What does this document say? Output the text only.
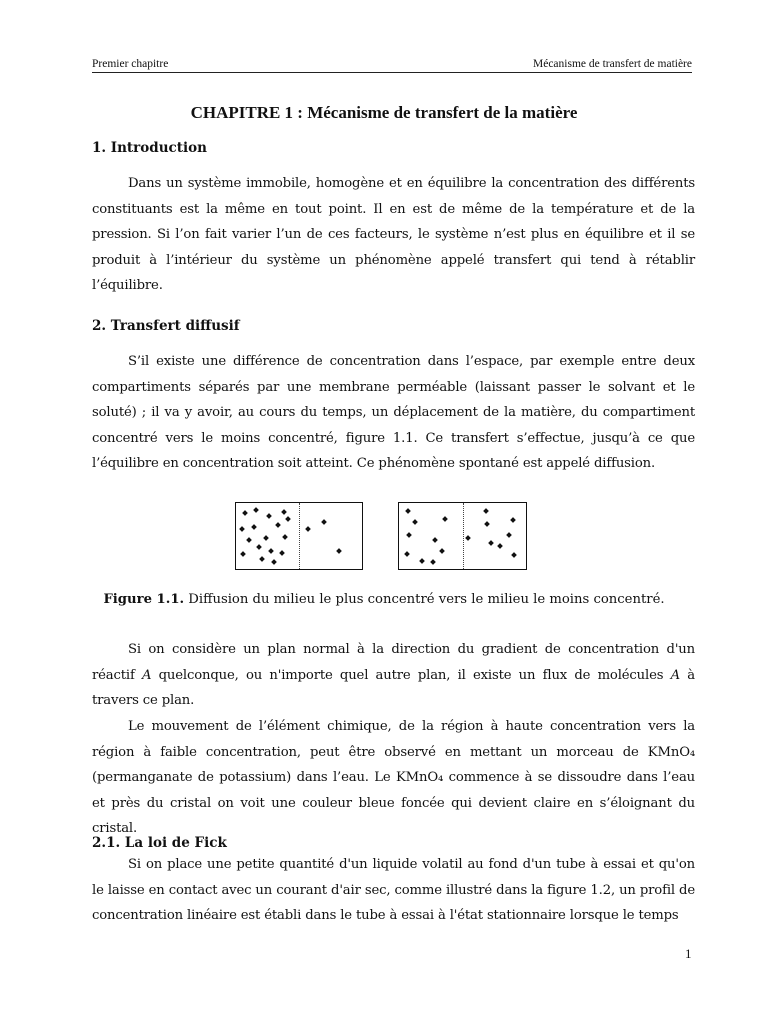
Premier chapitre	Mécanisme de transfert de matière
CHAPITRE 1 : Mécanisme de transfert de la matière
1. Introduction
Dans un système immobile, homogène et en équilibre la concentration des différents constituants est la même en tout point. Il en est de même de la température et de la pression. Si l’on fait varier l’un de ces facteurs, le système n’est plus en équilibre et il se produit à l’intérieur du système un phénomène appelé transfert qui tend à rétablir l’équilibre.
2. Transfert diffusif
S’il existe une différence de concentration dans l’espace, par exemple entre deux compartiments séparés par une membrane perméable (laissant passer le solvant et le soluté) ; il va y avoir, au cours du temps, un déplacement de la matière, du compartiment concentré vers le moins concentré, figure 1.1. Ce transfert s’effectue, jusqu’à ce que l’équilibre en concentration soit atteint. Ce phénomène spontané est appelé diffusion.
Figure 1.1. Diffusion du milieu le plus concentré vers le milieu le moins concentré.
Si on considère un plan normal à la direction du gradient de concentration d'un réactif A quelconque, ou n'importe quel autre plan, il existe un flux de molécules A à travers ce plan.
Le mouvement de l’élément chimique, de la région à haute concentration vers la région à faible concentration, peut être observé en mettant un morceau de KMnO₄ (permanganate de potassium) dans l’eau. Le KMnO₄ commence à se dissoudre dans l’eau et près du cristal on voit une couleur bleue foncée qui devient claire en s’éloignant du cristal.
2.1. La loi de Fick
Si on place une petite quantité d'un liquide volatil au fond d'un tube à essai et qu'on le laisse en contact avec un courant d'air sec, comme illustré dans la figure 1.2, un profil de concentration linéaire est établi dans le tube à essai à l'état stationnaire lorsque le temps
1
